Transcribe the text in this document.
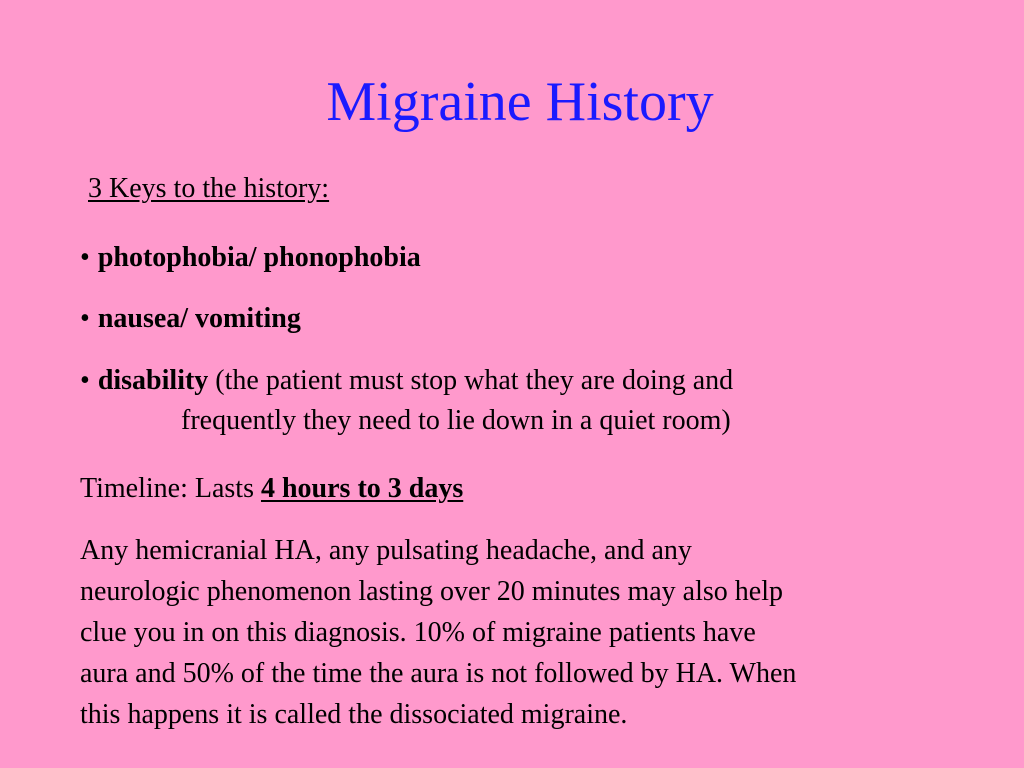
Migraine History
3 Keys to the history:
• photophobia/ phonophobia
• nausea/ vomiting
• disability (the patient must stop what they are doing and
frequently they need to lie down in a quiet room)
Timeline: Lasts 4 hours to 3 days
Any hemicranial HA, any pulsating headache, and any
neurologic phenomenon lasting over 20 minutes may also help
clue you in on this diagnosis. 10% of migraine patients have
aura and 50% of the time the aura is not followed by HA. When
this happens it is called the dissociated migraine.
